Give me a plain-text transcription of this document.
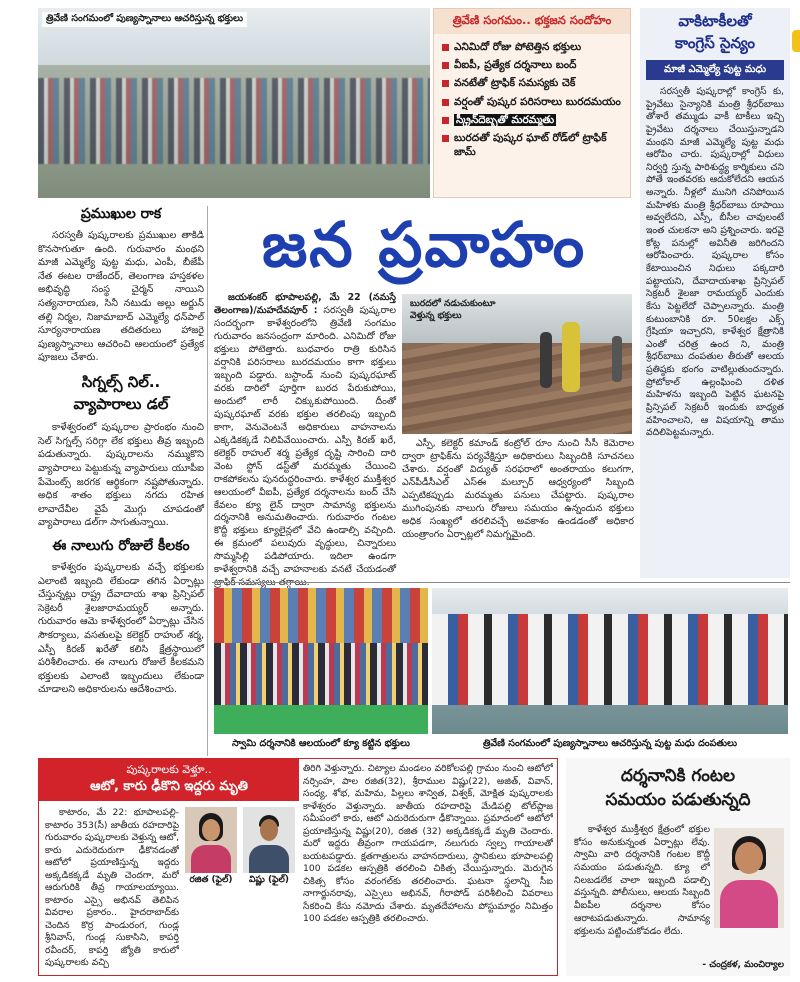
త్రివేణి సంగమంలో పుణ్యస్నానాలు ఆచరిస్తున్న భక్తులు	త్రివేణి సంగమం.. భక్తజన సందోహం
ఎనిమిదో రోజు పోటెత్తిన భక్తులు
వీఐపీ, ప్రత్యేక దర్శనాలు బంద్
వనటేతో ట్రాఫిక్ సమస్యకు చెక్
వర్షంతో పుష్కర పరిసరాలు బురదమయం
స్క్రీన్‌దెబ్బతో మరమ్మతు
బురదతో పుష్కర ఘాట్ రోడ్‌లో ట్రాఫిక్ జామ్
వాకిటాకీలతో
కాంగ్రెస్ సైన్యం
మాజీ ఎమ్మెల్యే పుట్ట మధు

సరస్వతీ పుష్కరాల్లో కాంగ్రెస్ కు, ప్రైవేటు సైన్యానికి మంత్రి శ్రీధర్‌బాబు తోశారే తమ్ముడు వాకీ టాకీలు ఇచ్చి ప్రైవేటు దర్శనాలు చేయిస్తున్నాడని మంథని మాజీ ఎమ్మెల్యే పుట్ట మధు ఆరోపిం చారు. పుష్కరాల్లో విధులు నిర్వర్తి స్తున్న పారిశుద్ధ్య కార్మికులు చని పోతే ఇంతవరకు ఆదుకోలేదని ఆయన అన్నారు. నీళ్లలో మునిగి చనిపోయిన మహిళకు మంత్రి శ్రీధర్‌బాబు రూపాయి అవ్వలేదని, ఎస్సీ, బీసీల చావులంటే ఇంత చులకనా అని ప్రశ్నించారు. ఇరవై కోట్ల పనుల్లో అవినీతి జరిగిందని ఆరోపించారు. పుష్కరాల కోసం కేటాయించిన నిధులు పక్కదారి పట్టాయని, దేవాదాయశాఖ ప్రిన్సిపల్ సెక్రటరీ శైలజా రామయ్యర్ ఎందుకు కేసు పెట్టలేదో చెప్పాలన్నారు. మంత్రి కుటుంబానికి రూ. 50లక్షల ఎక్స్ గ్రేషియా ఇచ్చారని, కాళేశ్వర క్షేత్రానికి ఎంతో చరిత్ర ఉంద ని, మంత్రి శ్రీధర్‌బాబు దంపతుల తీరుతో ఆలయ ప్రతిష్ఠకు భంగం వాటిల్లుతుందన్నారు. ప్రోటోకాల్ ఉల్లంఘించి దళిత మహిళను ఇబ్బంది పెట్టిన ఘటనపై ప్రిన్సిపల్ సెక్రటరీ ఇందుకు బాధ్యత వహించాలని, ఆ విషయాన్ని తాము వదిలిపెట్టమన్నారు.

ప్రముఖుల రాక

సరస్వతీ పుష్కరాలకు ప్రముఖుల తాకిడి కొనసాగుతూ ఉంది. గురువారం మంథని మాజీ ఎమ్మెల్యే పుట్ట మధు, ఎంపీ, బీజేపీ నేత ఈటల రాజేందర్, తెలంగాణ హస్తకళల అభివృద్ధి సంస్థ చైర్మన్ నాయిని సత్యనారాయణ, సినీ నటుడు అల్లు అర్జున్ తల్లి నిర్మల, నిజామాబాద్ ఎమ్మెల్యే ధన్‌పాల్ సూర్యనారాయణ తదితరులు హాజరై పుణ్యస్నానాలు ఆచరించి ఆలయంలో ప్రత్యేక పూజలు చేశారు.

సిగ్నల్స్ నిల్..
వ్యాపారాలు డల్

కాళేశ్వరంలో పుష్కరాల ప్రారంభం నుంచి సెల్ సిగ్నల్స్ సరిగ్గా లేక భక్తులు తీవ్ర ఇబ్బంది పడుతున్నారు. పుష్కరాలను నమ్ముకొని వ్యాపారాలు పెట్టుకున్న వ్యాపారులు యూపీఐ పేమెంట్స్ జరగక ఆర్థికంగా నష్టపోతున్నారు. అధిక శాతం భక్తులు నగదు రహిత లావాదేవీల వైపే మొగ్గు చూపడంతో వ్యాపారాలు డల్‌గా సాగుతున్నాయి.

ఈ నాలుగు రోజులే కీలకం

కాళేశ్వరం పుష్కరాలకు వచ్చే భక్తులకు ఎలాంటి ఇబ్బంది లేకుండా తగిన ఏర్పాట్లు చేస్తున్నట్లు రాష్ట్ర దేవాదాయ శాఖ ప్రిన్సిపల్ సెక్రెటరీ శైలజారామయ్యర్ అన్నారు. గురువారం ఆమె కాళేశ్వరంలో ఏర్పాట్లు చేసిన సౌకర్యాలు, వసతులపై కలెక్టర్ రాహుల్ శర్మ, ఎస్పీ కిరణ్ ఖరేతో కలిసి క్షేత్రస్థాయిలో పరిశీలించారు. ఈ నాలుగు రోజులే కీలకమని భక్తులకు ఎలాంటి ఇబ్బందులు లేకుండా చూడాలని అధికారులను ఆదేశించారు.

జన ప్రవాహం

జయశంకర్ భూపాలపల్లి, మే 22 (నమస్తే తెలంగాణ)/మహదేవపూర్ : సరస్వతీ పుష్కరాల సందర్భంగా కాళేశ్వరంలోని త్రివేణి సంగమం గురువారం జనసంద్రంగా మారింది. ఎనిమిదో రోజు భక్తులు పోటెత్తారు. బుధవారం రాత్రి కురిసిన వర్షానికి పరిసరాలు బురదమయం కాగా భక్తులు ఇబ్బంది పడ్డారు. బస్టాండ్ నుంచి పుష్కరఘాట్ వరకు దారిలో పూర్తిగా బురద పేరుకుపోయి, అందులో లారీ చిక్కుకుపోయింది. దీంతో పుష్కరఘాట్ వరకు భక్తుల తరలింపు ఇబ్బంది కాగా, వెనువెంటనే అధికారులు వాహనాలను ఎక్కడికక్కడే నిలిపివేయించారు. ఎస్పీ కిరణ్ ఖరే, కలెక్టర్ రాహుల్ శర్మ ప్రత్యేక దృష్టి సారించి దారి వెంట స్టోన్ డస్ట్‌తో మరమ్మతు చేయించి రాకపోకలను పునరుద్ధరించారు. కాళేశ్వర ముక్తీశ్వర ఆలయంలో వీఐపీ, ప్రత్యేక దర్శనాలను బంద్ చేసి కేవలం క్యూ లైన్ ద్వారా సామాన్య భక్తులను దర్శనానికి అనుమతించారు. గురువారం గంటల కొద్దీ భక్తులు క్యూలైన్లలో వేచి ఉండాల్సి వచ్చింది. ఈ క్రమంలో పలువురు వృద్ధులు, చిన్నారులు సొమ్మసిల్లి పడిపోయారు. ఇదిలా ఉండగా కాళేశ్వరానికి వచ్చే వాహనాలకు వనటే చేయడంతో

బురదలో నడుచుకుంటూ
వెళ్తున్న భక్తులు

ఎస్పీ, కలెక్టర్ కమాండ్ కంట్రోల్ రూం నుంచి సీసీ కెమెరాల ద్వారా ట్రాఫిక్‌ను పర్యవేక్షిస్తూ అధికారులు సిబ్బందికి సూచనలు చేశారు. వర్షంతో విద్యుత్ సరఫరాలో అంతరాయం కలుగగా, ఎన్‌పీడీసీఎల్ ఎస్‌ఈ మల్చూర్ ఆధ్వర్యంలో సిబ్బంది ఎప్పటికప్పుడు మరమ్మతు పనులు చేపట్టారు. పుష్కరాల ముగింపునకు నాలుగు రోజులు సమయం ఉన్నందున భక్తులు అధిక సంఖ్యలో తరలివచ్చే అవకాశం ఉండడంతో అధికార యంత్రాంగం ఏర్పాట్లలో నిమగ్నమైంది.

స్వామి దర్శనానికి ఆలయంలో క్యూ కట్టిన భక్తులు	త్రివేణి సంగమంలో పుణ్యస్నానాలు ఆచరిస్తున్న పుట్ట మధు దంపతులు
పుష్కరాలకు వెళ్తూ..
ఆటో, కారు ఢీకొని ఇద్దరు మృతి

కాటారం, మే 22: భూపాలపల్లి-కాటారం 353(సీ) జాతీయ రహదారిపై గురువారం పుష్కరాలకు వెళ్తున్న ఆటో, కారు ఎదురెదురుగా ఢీకొనడంతో ఆటోలో ప్రయాణిస్తున్న ఇద్దరు అక్కడికక్కడే మృతి చెందగా, మరో ఆరుగురికి తీవ్ర గాయాలయ్యాయి. కాటారం ఎస్సై అభినవ్ తెలిపిన వివరాల ప్రకారం.. హైదరాబాద్‌కు చెందిన కొర్ర పాండురంగ, గుండ్ల శ్రీనివాస్, గుండ్ల సుకాసిని, కాపర్తి రవీందర్, కాపర్తి జ్యోతి కారులో పుష్కరాలకు వచ్చి

రజిత (ఫైల్)	విష్ణు (ఫైల్)

తిరిగి వెళ్తున్నారు. చిట్యాల మండలం వరికోలపల్లి గ్రామం నుంచి ఆటోలో నర్సింహ, పాల రజిత(32), శ్రీరాముల విష్ణు(22), అజిత్, వివాన్, సంధ్య, శోభ, మహిమ, పిల్లలు శాన్విత, విశ్వక్, మోక్షిత పుష్కరాలకు కాళేశ్వరం వెళ్తున్నారు. జాతీయ రహదారిపై మేడిపల్లి టోల్‌ప్లాజ సమీపంలో కారు, ఆటో ఎదురెదురుగా ఢీకొన్నాయి. ప్రమాదంలో ఆటోలో ప్రయాణిస్తున్న విష్ణు(20), రజిత (32) అక్కడికక్కడే మృతి చెందారు. మరో ఇద్దరు తీవ్రంగా గాయపడగా, నలుగురు స్వల్ప గాయాలతో బయటపడ్డారు. క్షతగాత్రులను వాహనదారులు, స్థానికులు భూపాలపల్లి 100 పడకల ఆస్పత్రికి తరలించి చికిత్స చేయిస్తున్నారు. మెరుగైన చికిత్స కోసం వరంగల్‌కు తరలించారు. ఘటనా స్థలాన్ని సీఐ నాగార్జునరావు, ఎస్సైలు అభినవ్, గీరాపోడ్ పరిశీలించి వివరాలు సేకరించి కేసు నమోదు చేశారు. మృతదేహాలను పోస్టుమార్టం నిమిత్తం 100 పడకల ఆస్పత్రికి తరలించారు.

దర్శనానికి గంటల
సమయం పడుతున్నది

కాళేశ్వర ముక్తీశ్వర క్షేత్రంలో భక్తుల కోసం అనుకున్నంత ఏర్పాట్లు లేవు. స్వామి వారి దర్శనానికి గంటల కొద్దీ సమయం పడుతున్నది. క్యూ లో నిలబడలేక చాలా ఇబ్బంది పడాల్సి వస్తున్నది. పోలీసులు, ఆలయ సిబ్బంది వీఐపీల దర్శనాల కోసం ఆరాటపడుతున్నారు. సామాన్య భక్తులను పట్టించుకోవడం లేదు.

- చంద్రకళ, మంచిర్యాల
